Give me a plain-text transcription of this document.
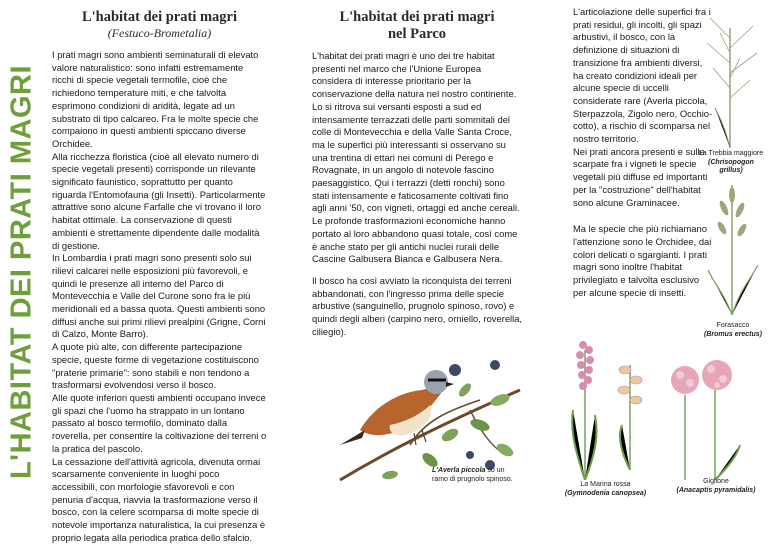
L'HABITAT DEI PRATI MAGRI
L'habitat dei prati magri
(Festuco-Brometalia)

I prati magri sono ambienti seminaturali di elevato valore naturalistico: sono infatti estremamente ricchi di specie vegetali termofile, cioè che richiedono temperature miti, e che talvolta esprimono condizioni di aridità, legate ad un substrato di tipo calcareo. Fra le molte specie che compaiono in questi ambienti spiccano diverse Orchidee.

Alla ricchezza floristica (cioè all elevato numero di specie vegetali presenti) corrisponde un rilevante significato faunistico, soprattutto per quanto riguarda l'Entomofauna (gli Insetti). Particolarmente attrattive sono alcune Farfalle che vi trovano il loro habitat ottimale. La conservazione di questi ambienti è strettamente dipendente dalle modalità di gestione.

In Lombardia i prati magri sono presenti solo sui rilievi calcarei nelle esposizioni più favorevoli, e quindi le presenze all interno del Parco di Montevecchia e Valle del Curone sono fra le più meridionali ed a bassa quota. Questi ambienti sono diffusi anche sui primi rilievi prealpini (Grigne, Corni di Calzo, Monte Barro).

A quote più alte, con differente partecipazione specie, queste forme di vegetazione costituiscono "praterie primarie": sono stabili e non tendono a trasformarsi evolvendosi verso il bosco.

Alle quote inferiori questi ambienti occupano invece gli spazi che l'uomo ha strappato in un lontano passato al bosco termofilo, dominato dalla roverella, per consentire la coltivazione dei terreni o la pratica del pascolo.

La cessazione dell'attività agricola, divenuta ormai scarsamente conveniente in luoghi poco accessibili, con morfologie sfavorevoli e con penuria d'acqua, riavvia la trasformazione verso il bosco, con la celere scomparsa di molte specie di notevole importanza naturalistica, la cui presenza è proprio legata alla periodica pratica dello sfalcio.

L'habitat dei prati magri
nel Parco

L'habitat dei prati magri è uno dei tre habitat presenti nel marco che l'Unione Europea considera di interesse prioritario per la conservazione della natura nel nostro continente.

Lo si ritrova sui versanti esposti a sud ed intensamente terrazzati delle parti sommitali del colle di Montevecchia e della Valle Santa Croce, ma le superfici più interessanti si osservano su una trentina di ettari nei comuni di Perego e Rovagnate, in un angolo di notevole fascino paesaggistico. Qui i terrazzi (detti ronchi) sono stati intensamente e faticosamente coltivati fino agli anni '50, con vigneti, ortaggi ed anche cereali. Le profonde trasformazioni economiche hanno portato al loro abbandono quasi totale, così come è anche stato per gli antichi nuclei rurali delle Cascine Galbusera Bianca e Galbusera Nera.

Il bosco ha così avviato la riconquista dei terreni abbandonati, con l'ingresso prima delle specie arbustive (sanguinello, prugnolo spinoso, rovo) e quindi degli alberi (carpino nero, orniello, roverella, ciliegio).

L'Averla piccola su un ramo di prugnolo spinoso.

L'articolazione delle superfici fra i prati residui, gli incolti, gli spazi arbustivi, il bosco, con la definizione di situazioni di transizione fra ambienti diversi, ha creato condizioni ideali per alcune specie di uccelli considerate rare (Averla piccola, Sterpazzola, Zigolo nero, Occhio-cotto), a rischio di scomparsa nel nostro territorio.

Nei prati ancora presenti e sulle scarpate fra i vigneti le specie vegetali più diffuse ed importanti per la "costruzione" dell'habitat sono alcune Graminacee.

Ma le specie che più richiamano l'attenzione sono le Orchidee, dai colori delicati o sgargianti. I prati magri sono inoltre l'habitat privilegiato e talvolta esclusivo per alcune specie di insetti.

La Trebbia maggiore
(Chrisopogon grillus)
Forasacco
(Bromus erectus)
La Marina rossa
(Gymnodenia canopsea)
Giglione
(Anacaptis pyramidalis)
